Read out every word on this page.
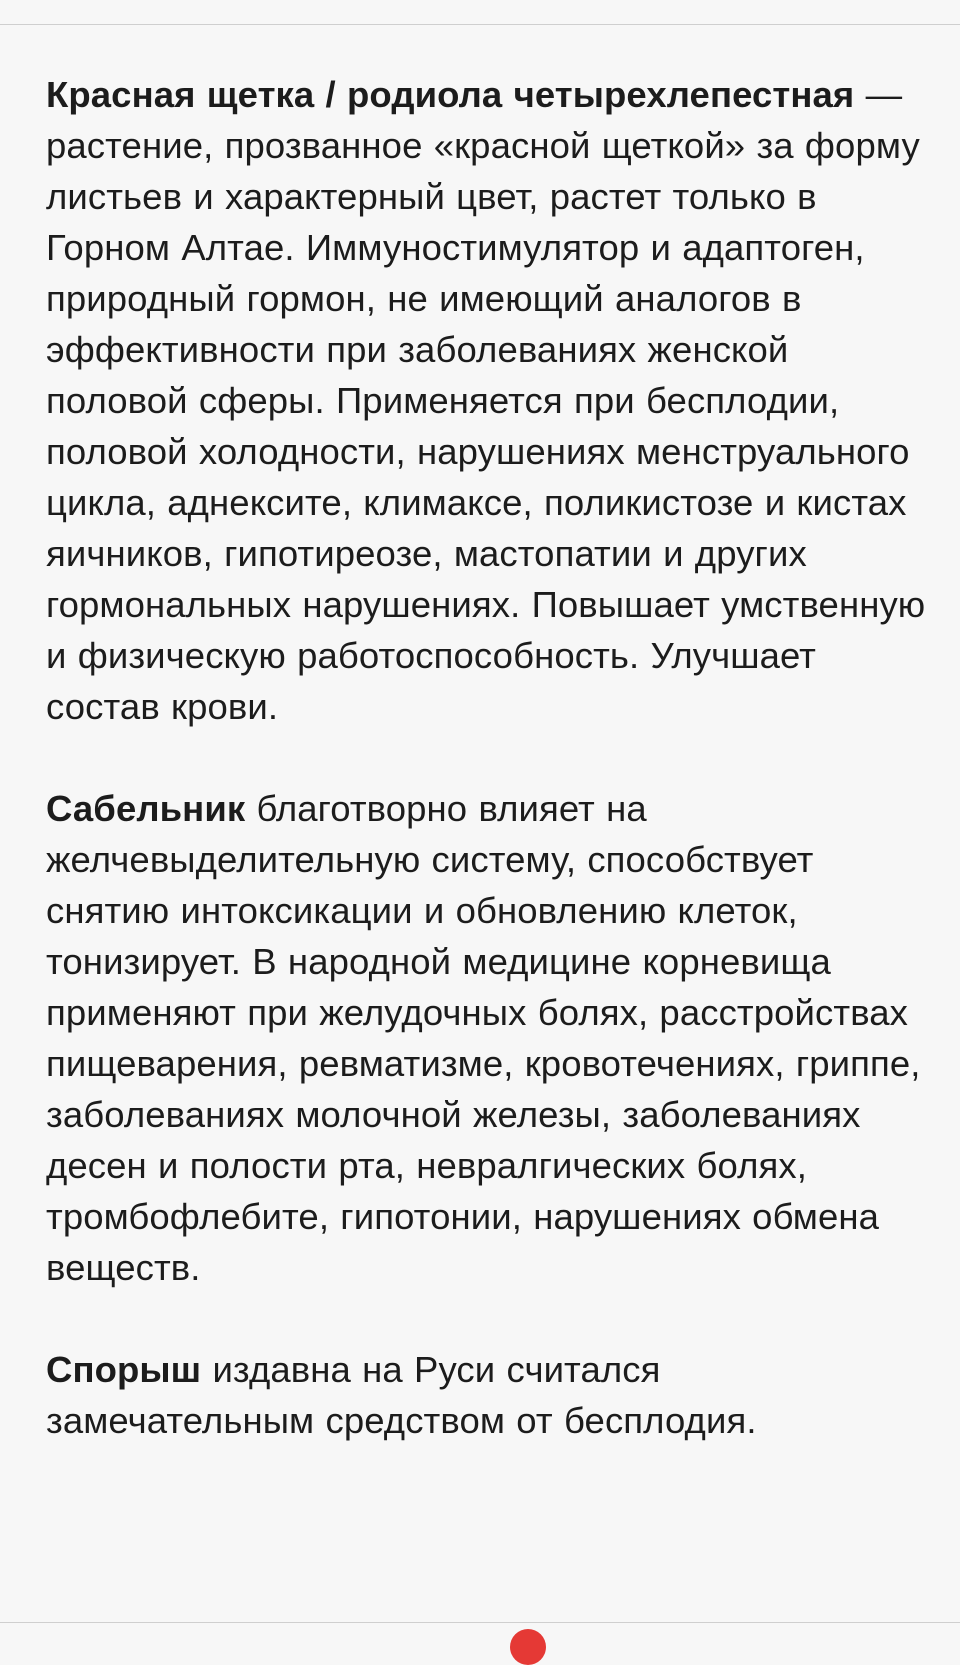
Красная щетка / родиола четырехлепестная — растение, прозванное «красной щеткой» за форму листьев и характерный цвет, растет только в Горном Алтае. Иммуностимулятор и адаптоген, природный гормон, не имеющий аналогов в эффективности при заболеваниях женской половой сферы. Применяется при бесплодии, половой холодности, нарушениях менструального цикла, аднексите, климаксе, поликистозе и кистах яичников, гипотиреозе, мастопатии и других гормональных нарушениях. Повышает умственную и физическую работоспособность. Улучшает состав крови.

Сабельник благотворно влияет на желчевыделительную систему, способствует снятию интоксикации и обновлению клеток, тонизирует. В народной медицине корневища применяют при желудочных болях, расстройствах пищеварения, ревматизме, кровотечениях, гриппе, заболеваниях молочной железы, заболеваниях десен и полости рта, невралгических болях, тромбофлебите, гипотонии, нарушениях обмена веществ.

Спорыш издавна на Руси считался замечательным средством от бесплодия.
